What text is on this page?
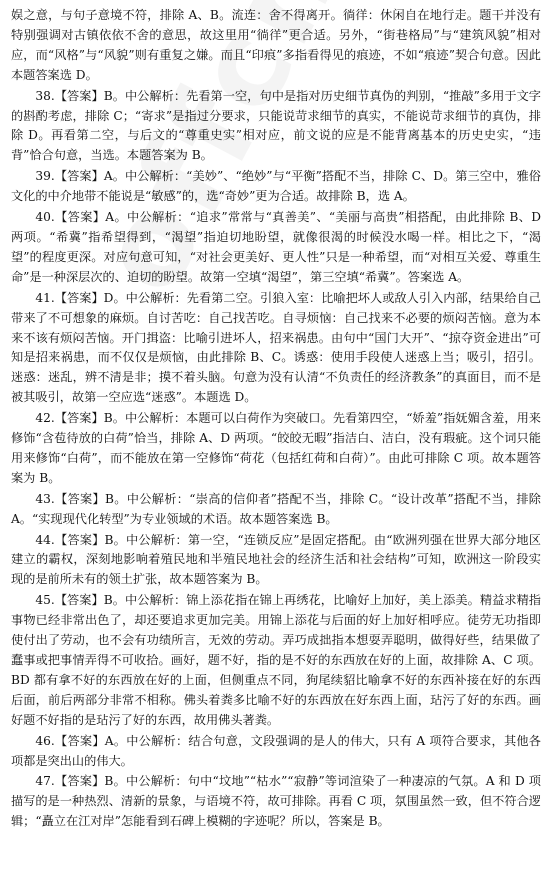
娱之意，与句子意境不符，排除 A、B。流连：舍不得离开。徜徉：休闲自在地行走。题干并没有特别强调对古镇依依不舍的意思，故这里用“徜徉”更合适。另外，“街巷格局”与“建筑风貌”相对应，而“风格”与“风貌”则有重复之嫌。而且“印痕”多指看得见的痕迹，不如“痕迹”契合句意。因此本题答案选 D。

38.【答案】B。中公解析：先看第一空，句中是指对历史细节真伪的判别，“推敲”多用于文字的斟酌考虑，排除 C；“寄求”是指过分要求，只能说苛求细节的真实，不能说苛求细节的真伪，排除 D。再看第二空，与后文的“尊重史实”相对应，前文说的应是不能背离基本的历史史实，“违背”恰合句意，当选。本题答案为 B。

39.【答案】A。中公解析：“美妙”、“绝妙”与“平衡”搭配不当，排除 C、D。第三空中，雅俗文化的中介地带不能说是“敏感”的，选“奇妙”更为合适。故排除 B，选 A。

40.【答案】A。中公解析：“追求”常常与“真善美”、“美丽与高贵”相搭配，由此排除 B、D 两项。“希冀”指希望得到，“渴望”指迫切地盼望，就像很渴的时候没水喝一样。相比之下，“渴望”的程度更深。对应句意可知，“对社会更美好、更人性”只是一种希望，而“对相互关爱、尊重生命”是一种深层次的、迫切的盼望。故第一空填“渴望”，第三空填“希冀”。答案选 A。

41.【答案】D。中公解析：先看第二空。引狼入室：比喻把坏人或敌人引入内部，结果给自己带来了不可想象的麻烦。自讨苦吃：自己找苦吃。自寻烦恼：自己找来不必要的烦闷苦恼。意为本来不该有烦闷苦恼。开门揖盗：比喻引进坏人，招来祸患。由句中“国门大开”、“掠夺资金进出”可知是招来祸患，而不仅仅是烦恼，由此排除 B、C。诱惑：使用手段使人迷惑上当；吸引，招引。迷惑：迷乱，辨不清是非；摸不着头脑。句意为没有认清“不负责任的经济教条”的真面目，而不是被其吸引，故第一空应选“迷惑”。本题选 D。

42.【答案】B。中公解析：本题可以白荷作为突破口。先看第四空，“娇羞”指妩媚含羞，用来修饰“含苞待放的白荷”恰当，排除 A、D 两项。“皎皎无暇”指洁白、洁白，没有瑕疵。这个词只能用来修饰“白荷”，而不能放在第一空修饰“荷花（包括红荷和白荷）”。由此可排除 C 项。故本题答案为 B。

43.【答案】B。中公解析：“崇高的信仰者”搭配不当，排除 C。“设计改革”搭配不当，排除 A。“实现现代化转型”为专业领域的术语。故本题答案选 B。

44.【答案】B。中公解析：第一空，“连锁反应”是固定搭配。由“欧洲列强在世界大部分地区建立的霸权，深刻地影响着殖民地和半殖民地社会的经济生活和社会结构”可知，欧洲这一阶段实现的是前所未有的领土扩张，故本题答案为 B。

45.【答案】B。中公解析：锦上添花指在锦上再绣花，比喻好上加好，美上添美。精益求精指事物已经非常出色了，却还要追求更加完美。用锦上添花与后面的好上加好相呼应。徒劳无功指即使付出了劳动，也不会有功绩所言，无效的劳动。弄巧成拙指本想耍弄聪明，做得好些，结果做了蠢事或把事情弄得不可收拾。画好，题不好，指的是不好的东西放在好的上面，故排除 A、C 项。BD 都有拿不好的东西放在好的上面，但侧重点不同，狗尾续貂比喻拿不好的东西补接在好的东西后面，前后两部分非常不相称。佛头着粪多比喻不好的东西放在好东西上面，玷污了好的东西。画好题不好指的是玷污了好的东西，故用佛头著粪。

46.【答案】A。中公解析：结合句意，文段强调的是人的伟大，只有 A 项符合要求，其他各项都是突出山的伟大。

47.【答案】B。中公解析：句中“坟地”“枯水”“寂静”等词渲染了一种凄凉的气氛。A 和 D 项描写的是一种热烈、清新的景象，与语境不符，故可排除。再看 C 项，氛围虽然一致，但不符合逻辑；“矗立在江对岸”怎能看到石碑上模糊的字迹呢？所以，答案是 B。
